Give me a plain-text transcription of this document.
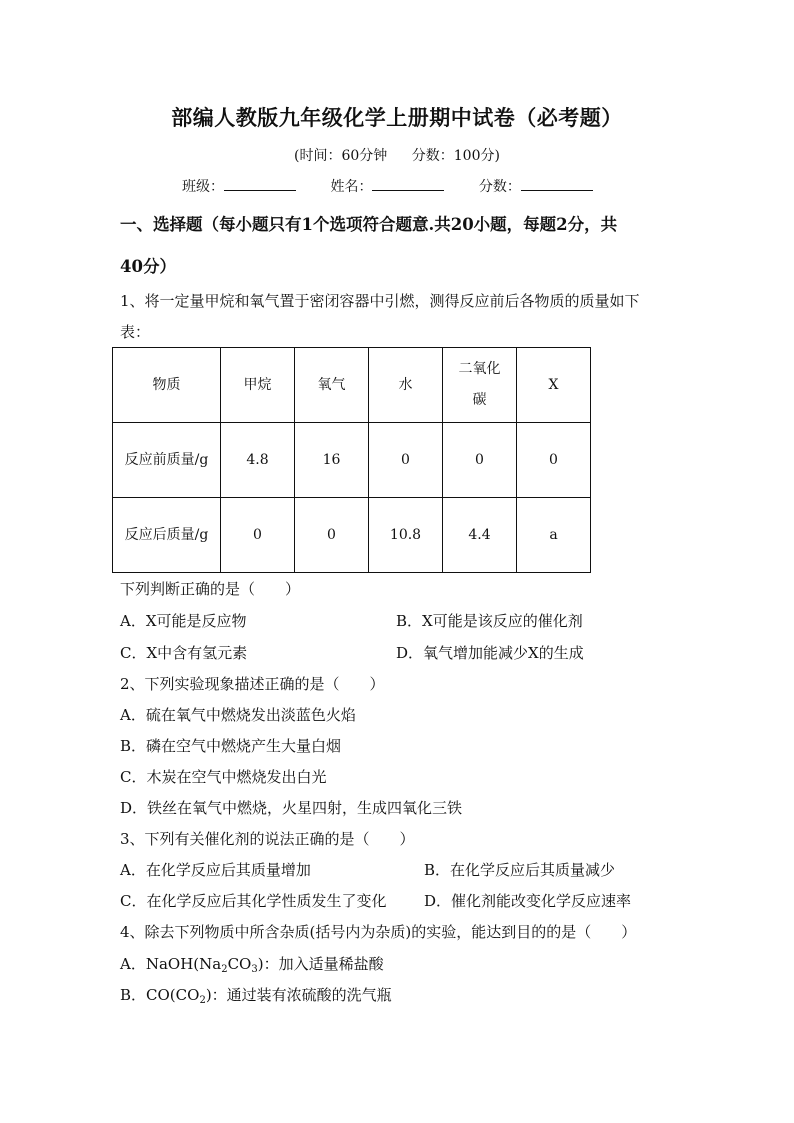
部编人教版九年级化学上册期中试卷（必考题）
(时间：60分钟 分数：100分)
班级：	姓名：	分数：
一、选择题（每小题只有1个选项符合题意.共20小题，每题2分，共
40分）
1、将一定量甲烷和氧气置于密闭容器中引燃，测得反应前后各物质的质量如下
表：
物质	甲烷	氧气	水	二氧化碳	X

反应前质量/g	4.8	16	0	0	0

反应后质量/g	0	0	10.8	4.4	a
下列判断正确的是（　　）
A．X可能是反应物	B．X可能是该反应的催化剂
C．X中含有氢元素	D．氧气增加能减少X的生成
2、下列实验现象描述正确的是（　　）
A．硫在氧气中燃烧发出淡蓝色火焰
B．磷在空气中燃烧产生大量白烟
C．木炭在空气中燃烧发出白光
D．铁丝在氧气中燃烧，火星四射，生成四氧化三铁
3、下列有关催化剂的说法正确的是（　　）
A．在化学反应后其质量增加	B．在化学反应后其质量减少
C．在化学反应后其化学性质发生了变化	D．催化剂能改变化学反应速率
4、除去下列物质中所含杂质(括号内为杂质)的实验，能达到目的的是（　　）
A．$NaOH(Na_2CO_3)$：加入适量稀盐酸
B．$CO(CO_2)$：通过装有浓硫酸的洗气瓶
